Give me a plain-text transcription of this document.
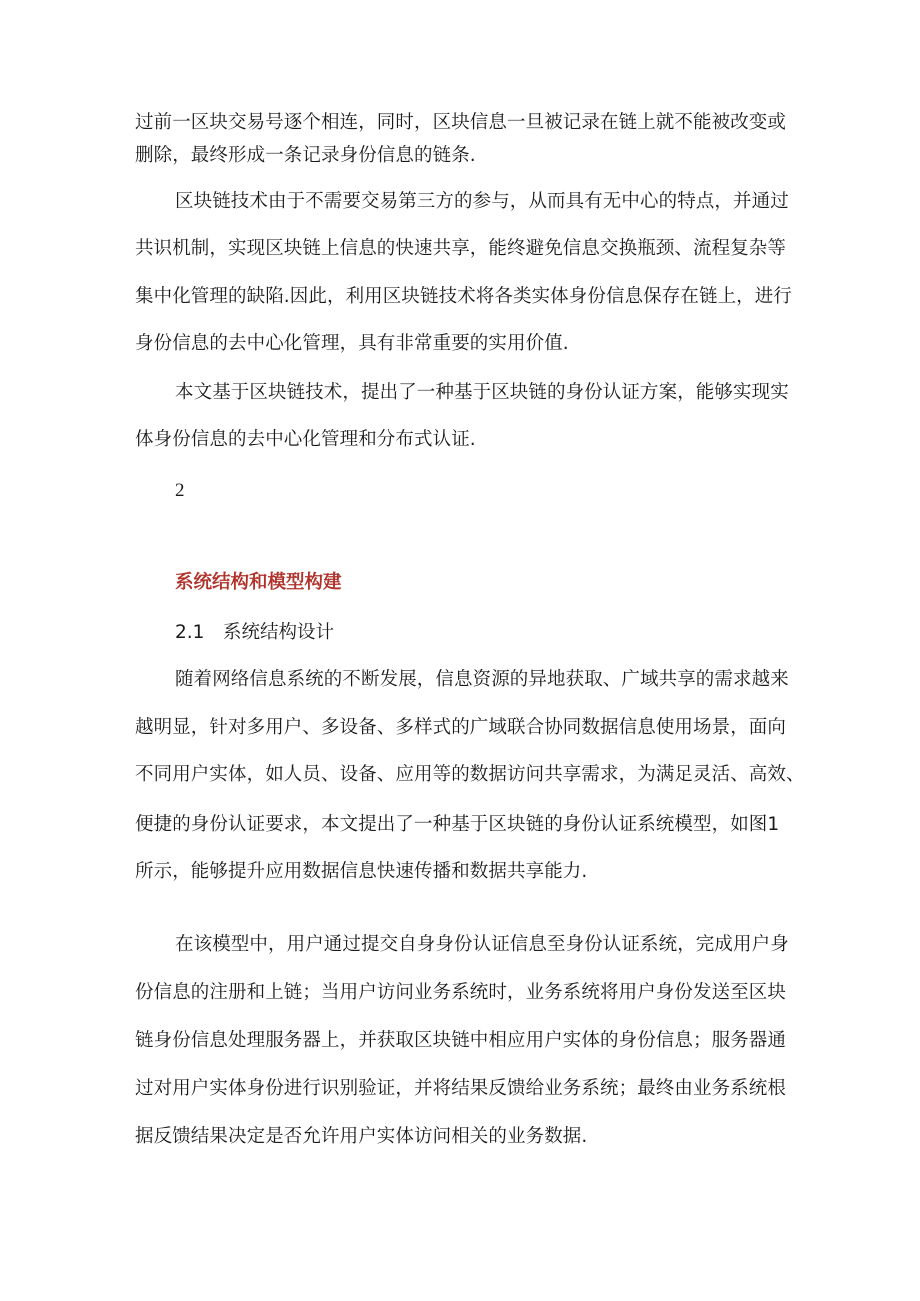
过前一区块交易号逐个相连，同时，区块信息一旦被记录在链上就不能被改变或
删除，最终形成一条记录身份信息的链条.
区块链技术由于不需要交易第三方的参与，从而具有无中心的特点，并通过
共识机制，实现区块链上信息的快速共享，能终避免信息交换瓶颈、流程复杂等
集中化管理的缺陷.因此，利用区块链技术将各类实体身份信息保存在链上，进行
身份信息的去中心化管理，具有非常重要的实用价值.
本文基于区块链技术，提出了一种基于区块链的身份认证方案，能够实现实
体身份信息的去中心化管理和分布式认证.
2
系统结构和模型构建
2.1 系统结构设计
随着网络信息系统的不断发展，信息资源的异地获取、广域共享的需求越来
越明显，针对多用户、多设备、多样式的广域联合协同数据信息使用场景，面向
不同用户实体，如人员、设备、应用等的数据访问共享需求，为满足灵活、高效、
便捷的身份认证要求，本文提出了一种基于区块链的身份认证系统模型，如图1
所示，能够提升应用数据信息快速传播和数据共享能力.
在该模型中，用户通过提交自身身份认证信息至身份认证系统，完成用户身
份信息的注册和上链；当用户访问业务系统时，业务系统将用户身份发送至区块
链身份信息处理服务器上，并获取区块链中相应用户实体的身份信息；服务器通
过对用户实体身份进行识别验证，并将结果反馈给业务系统；最终由业务系统根
据反馈结果决定是否允许用户实体访问相关的业务数据.
